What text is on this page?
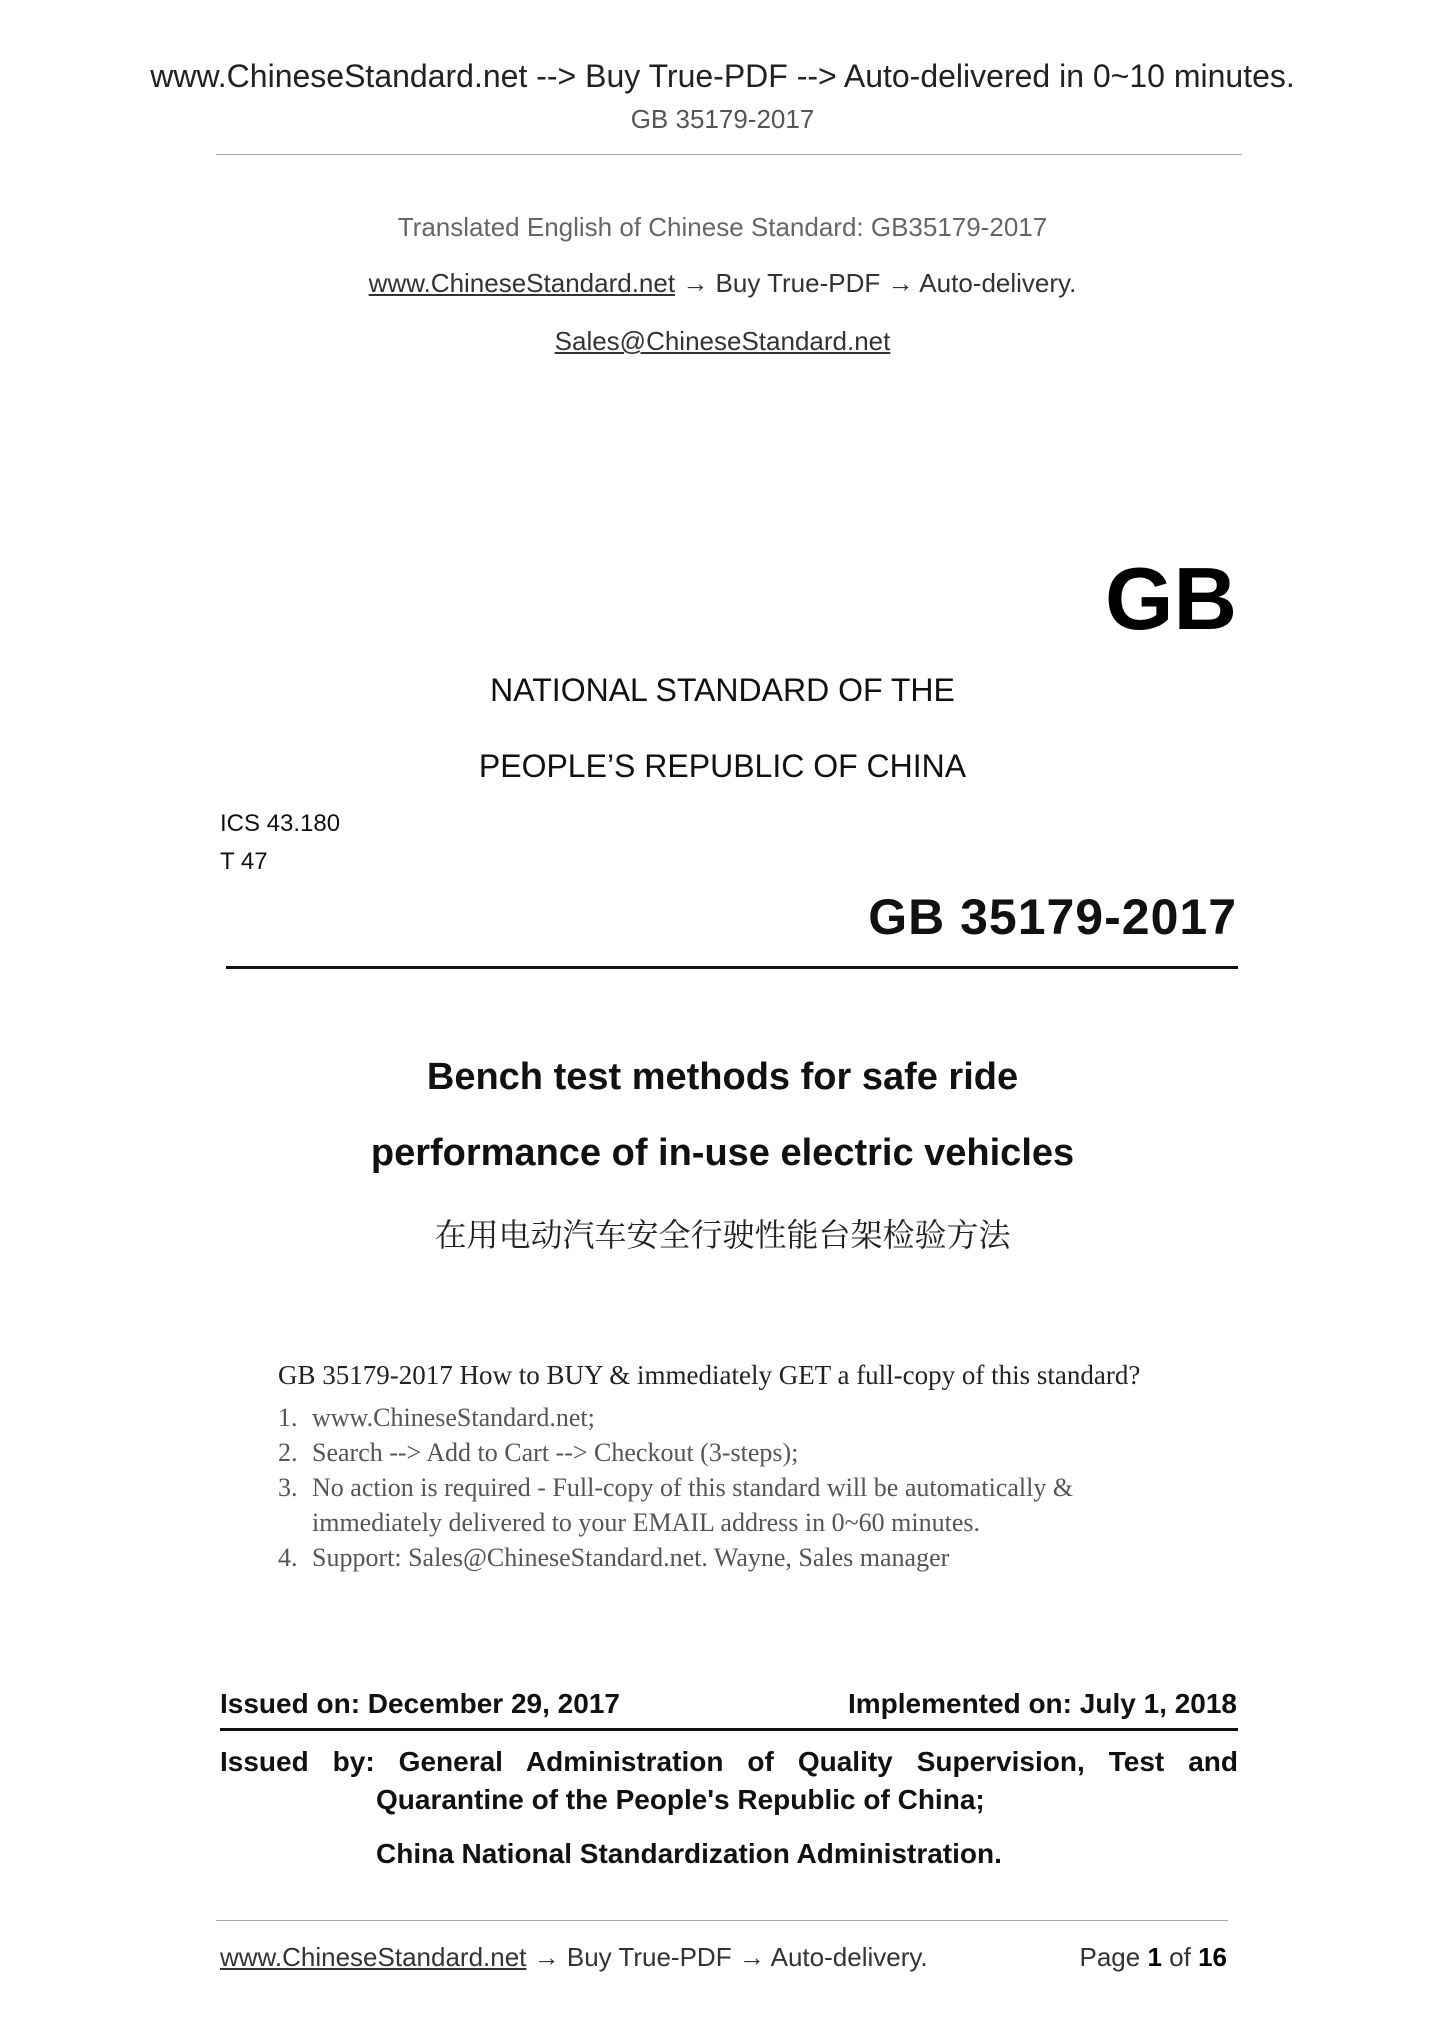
www.ChineseStandard.net --> Buy True-PDF --> Auto-delivered in 0~10 minutes.
GB 35179-2017
Translated English of Chinese Standard: GB35179-2017
www.ChineseStandard.net → Buy True-PDF → Auto-delivery.
Sales@ChineseStandard.net
GB
NATIONAL STANDARD OF THE
PEOPLE’S REPUBLIC OF CHINA
ICS 43.180
T 47
GB 35179-2017
Bench test methods for safe ride
performance of in-use electric vehicles
在用电动汽车安全行驶性能台架检验方法
GB 35179-2017 How to BUY & immediately GET a full-copy of this standard?
1. www.ChineseStandard.net;
2. Search --> Add to Cart --> Checkout (3-steps);
3. No action is required - Full-copy of this standard will be automatically &
immediately delivered to your EMAIL address in 0~60 minutes.
4. Support: Sales@ChineseStandard.net. Wayne, Sales manager
Issued on: December 29, 2017	Implemented on: July 1, 2018
Issued by: General Administration of Quality Supervision, Test and
Quarantine of the People's Republic of China;
China National Standardization Administration.
www.ChineseStandard.net → Buy True-PDF → Auto-delivery.	Page 1 of 16
